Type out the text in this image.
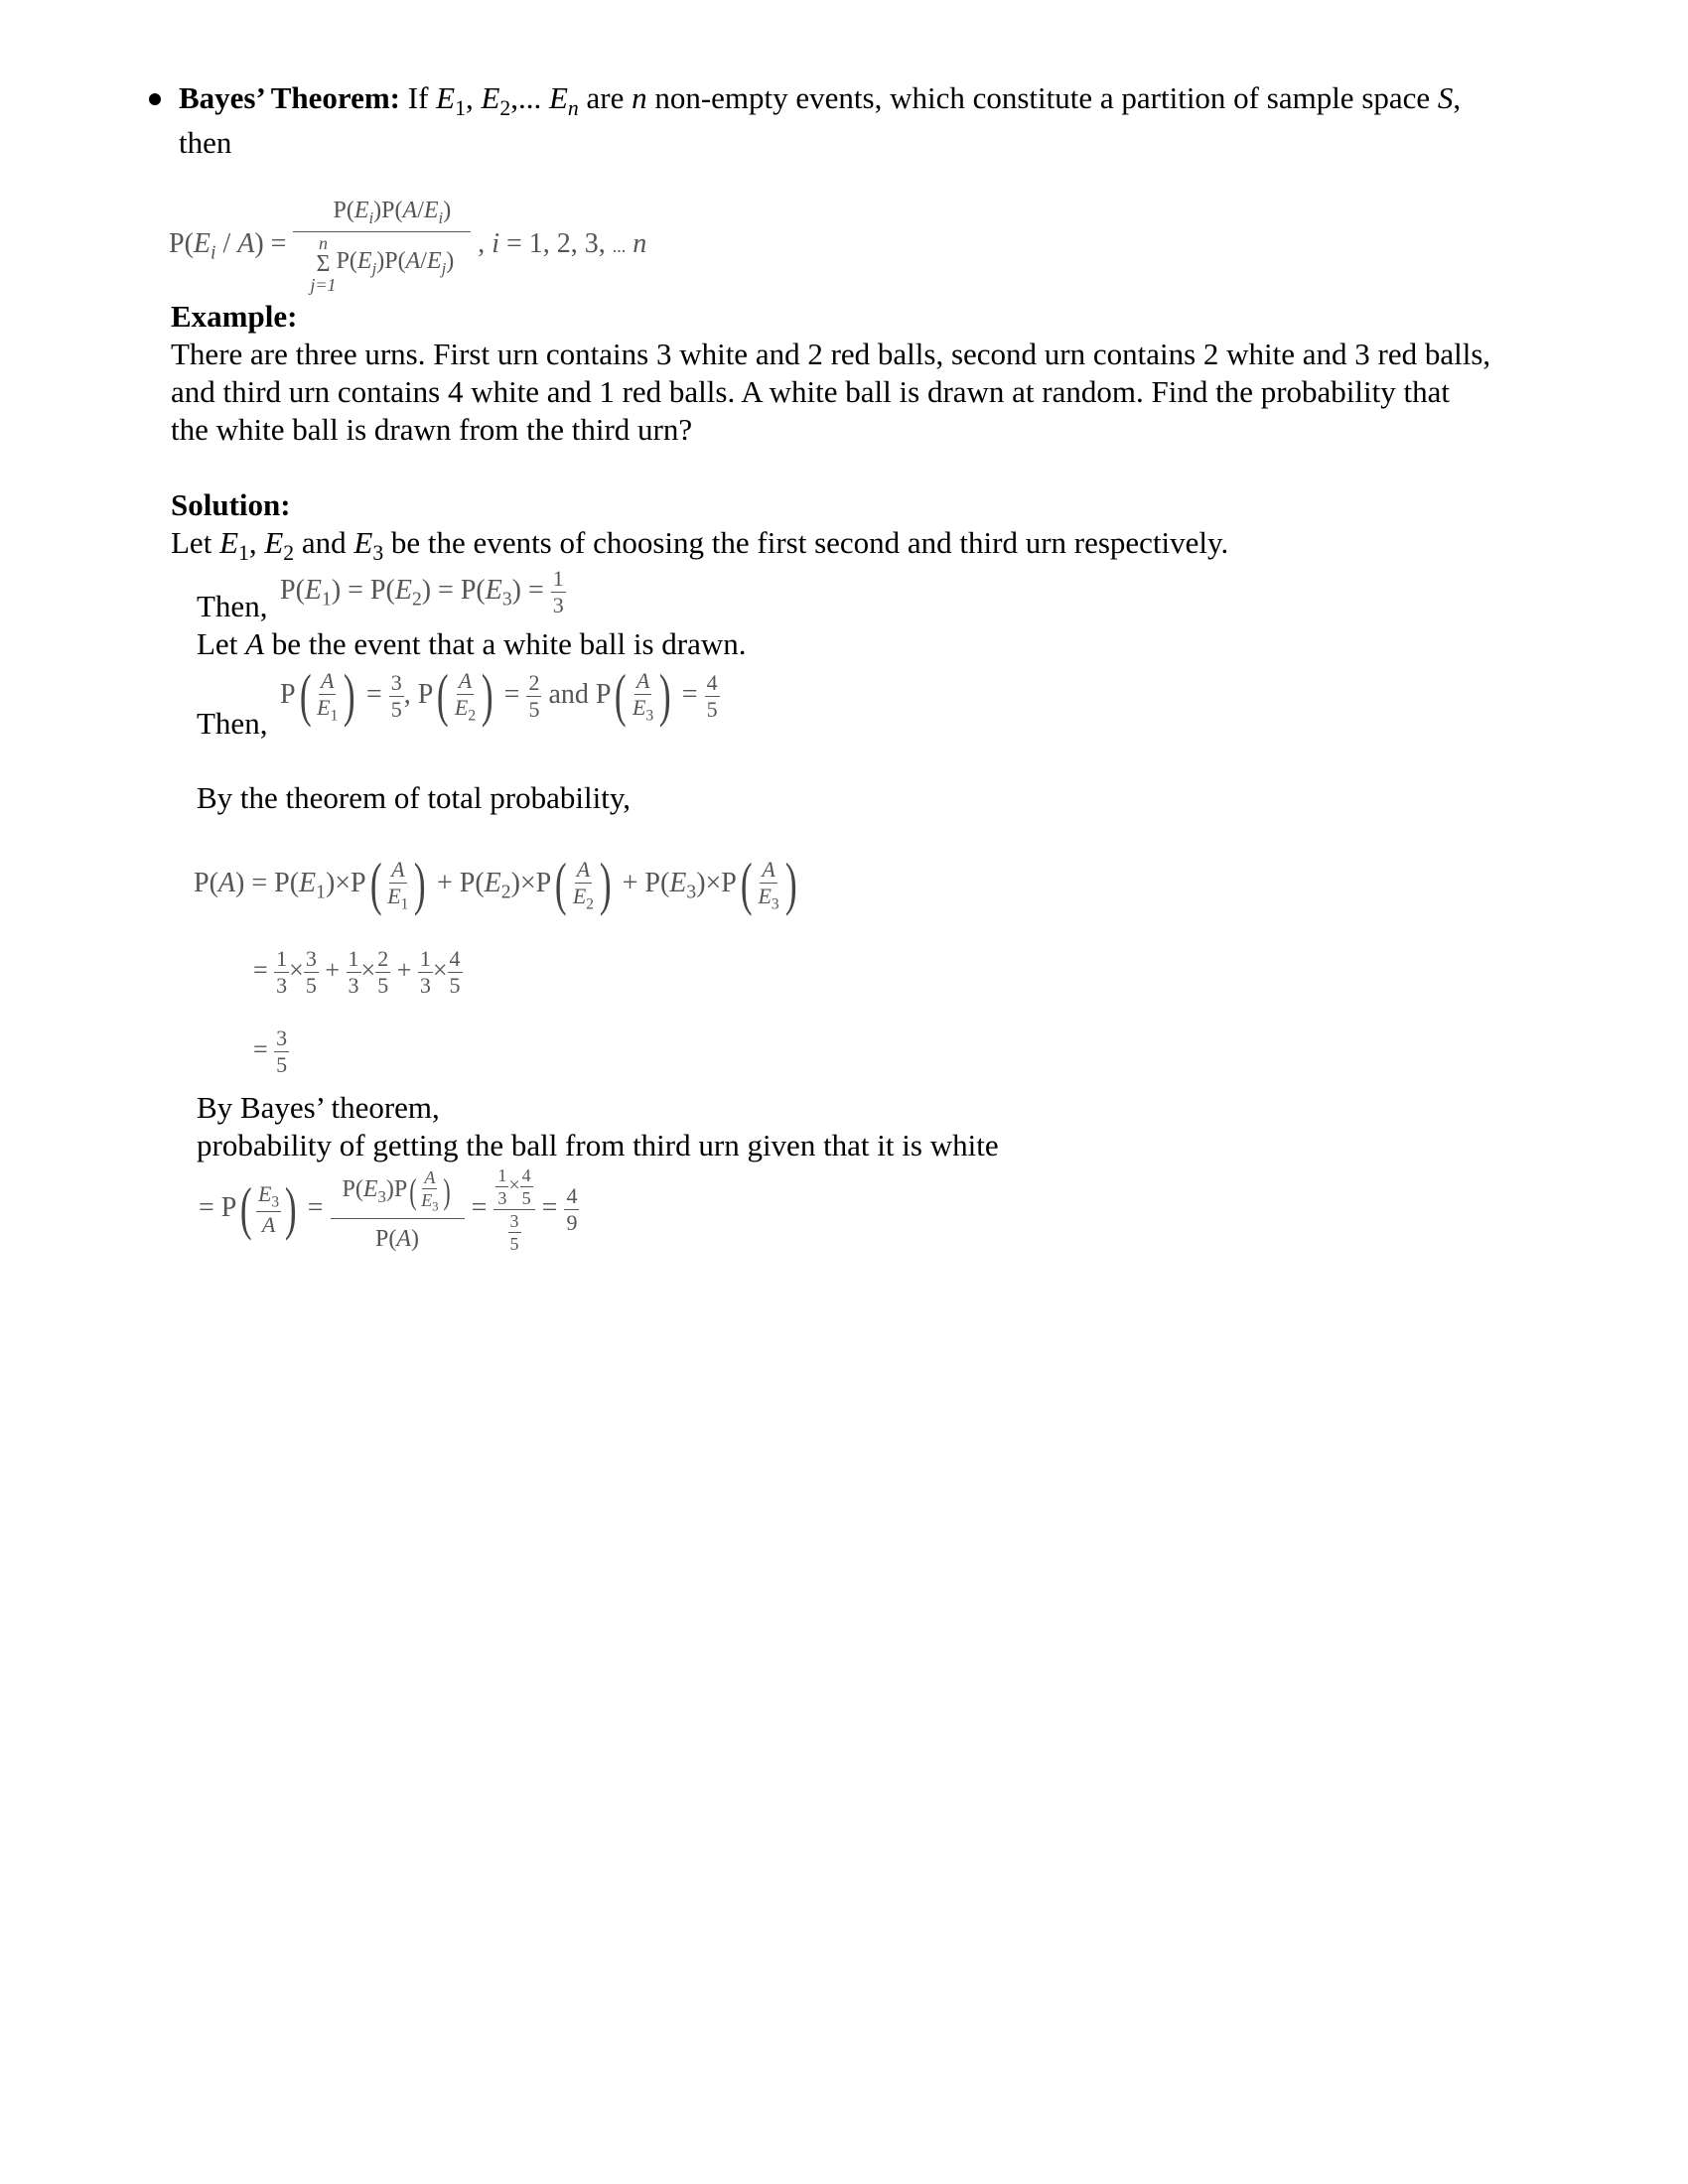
Bayes’ Theorem: If $E_1$, $E_2$,... $E_n$ are n non-empty events, which constitute a partition of sample space S,
then
$P(E_i / A) = P(E_i)P(A/E_i)$
n
Σ
j=1
$P(E_j)P(A/E_j)$ , i = 1, 2, 3, ... n
Example:
There are three urns. First urn contains 3 white and 2 red balls, second urn contains 2 white and 3 red balls,
and third urn contains 4 white and 1 red balls. A white ball is drawn at random. Find the probability that
the white ball is drawn from the third urn?
Solution:
Let $E_1$, $E_2$ and $E_3$ be the events of choosing the first second and third urn respectively.
Then, $P(E_1) = P(E_2) = P(E_3) = \frac{1}{3}$
Let A be the event that a white ball is drawn.
Then,
P ( $\frac{A}{E_1}$ ) = $\frac{3}{5}$ , P ( $\frac{A}{E_2}$ ) = $\frac{2}{5}$ and P ( $\frac{A}{E_3}$ ) = $\frac{4}{5}$
By the theorem of total probability,
$P(A) = P(E_1)\times P$ ( $\frac{A}{E_1}$ ) + $P(E_2)\times P$ ( $\frac{A}{E_2}$ ) + $P(E_3)\times P$ ( $\frac{A}{E_3}$ )
= $\frac{1}{3} \times \frac{3}{5} + \frac{1}{3} \times \frac{2}{5} + \frac{1}{3} \times \frac{4}{5}$
= $\frac{3}{5}$
By Bayes’ theorem,
probability of getting the ball from third urn given that it is white
= P ( $\frac{E_3}{A}$ ) = $\frac{P(E_3)P ( \frac{A}{E_3} )}{P(A)} = \frac{\frac{1}{3} \times \frac{4}{5}}{\frac{3}{5}} = \frac{4}{9}$
